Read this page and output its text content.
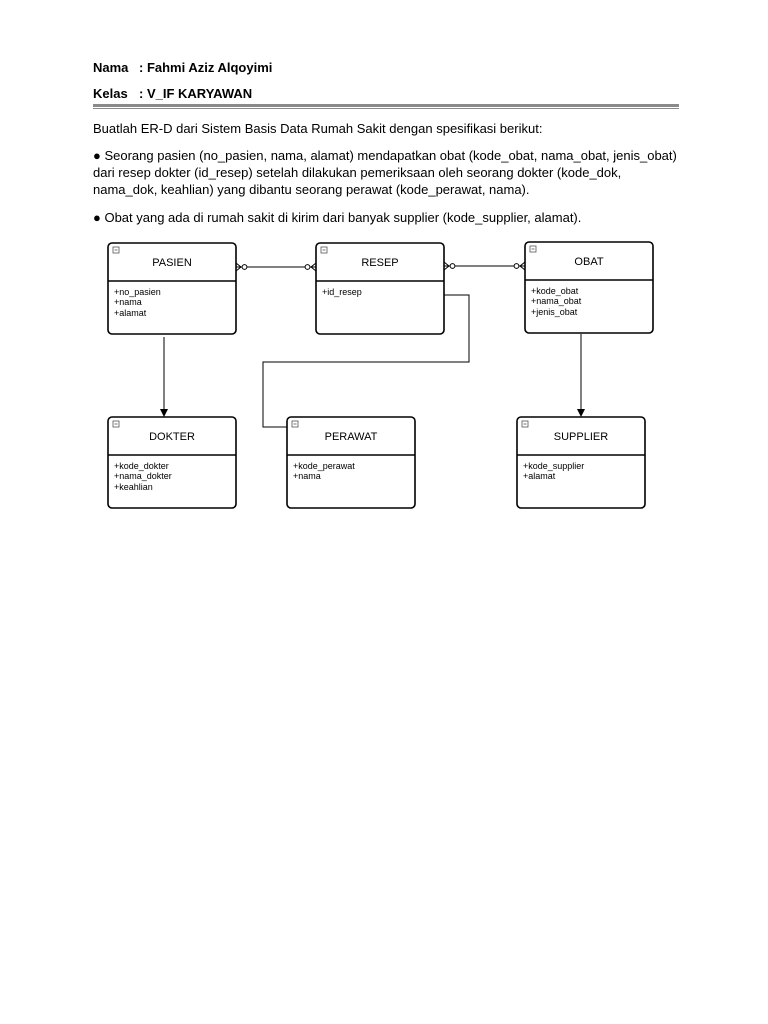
Nama : Fahmi Aziz Alqoyimi
Kelas : V_IF KARYAWAN

Buatlah ER-D dari Sistem Basis Data Rumah Sakit dengan spesifikasi berikut:

● Seorang pasien (no_pasien, nama, alamat) mendapatkan obat (kode_obat, nama_obat, jenis_obat) dari resep dokter (id_resep) setelah dilakukan pemeriksaan oleh seorang dokter (kode_dok, nama_dok, keahlian) yang dibantu seorang perawat (kode_perawat, nama).

● Obat yang ada di rumah sakit di kirim dari banyak supplier (kode_supplier, alamat).

PASIEN
+no_pasien
+nama
+alamat
RESEP
+id_resep
OBAT
+kode_obat
+nama_obat
+jenis_obat
DOKTER
+kode_dokter
+nama_dokter
+keahlian
PERAWAT
+kode_perawat
+nama
SUPPLIER
+kode_supplier
+alamat
